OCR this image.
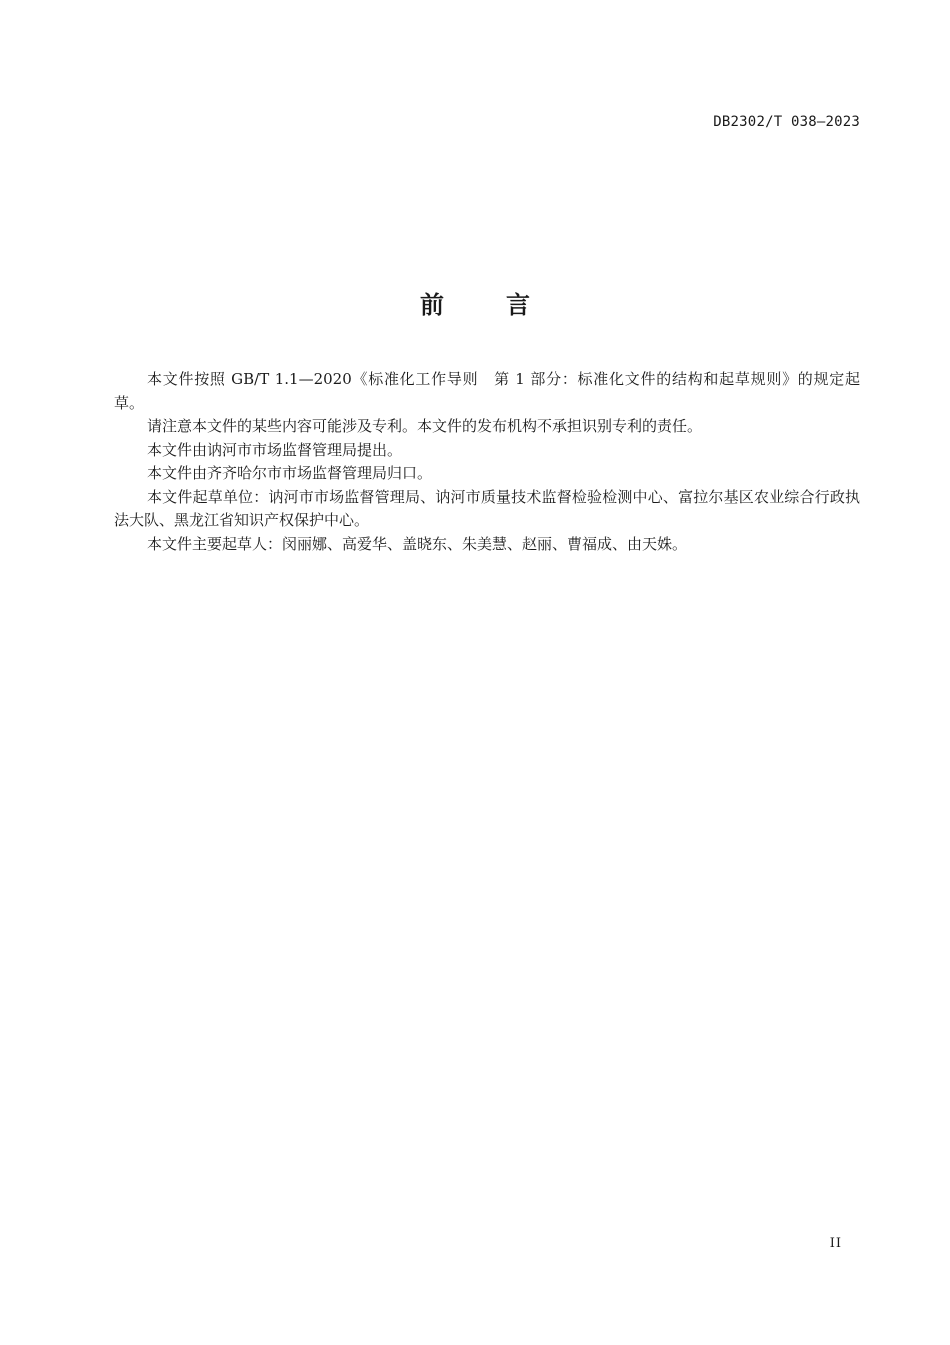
DB2302/T 038—2023
前言

本文件按照 GB/T 1.1—2020《标准化工作导则　第 1 部分：标准化文件的结构和起草规则》的规定起草。

请注意本文件的某些内容可能涉及专利。本文件的发布机构不承担识别专利的责任。

本文件由讷河市市场监督管理局提出。

本文件由齐齐哈尔市市场监督管理局归口。

本文件起草单位：讷河市市场监督管理局、讷河市质量技术监督检验检测中心、富拉尔基区农业综合行政执法大队、黑龙江省知识产权保护中心。

本文件主要起草人：闵丽娜、高爱华、盖晓东、朱美慧、赵丽、曹福成、由天姝。

II
